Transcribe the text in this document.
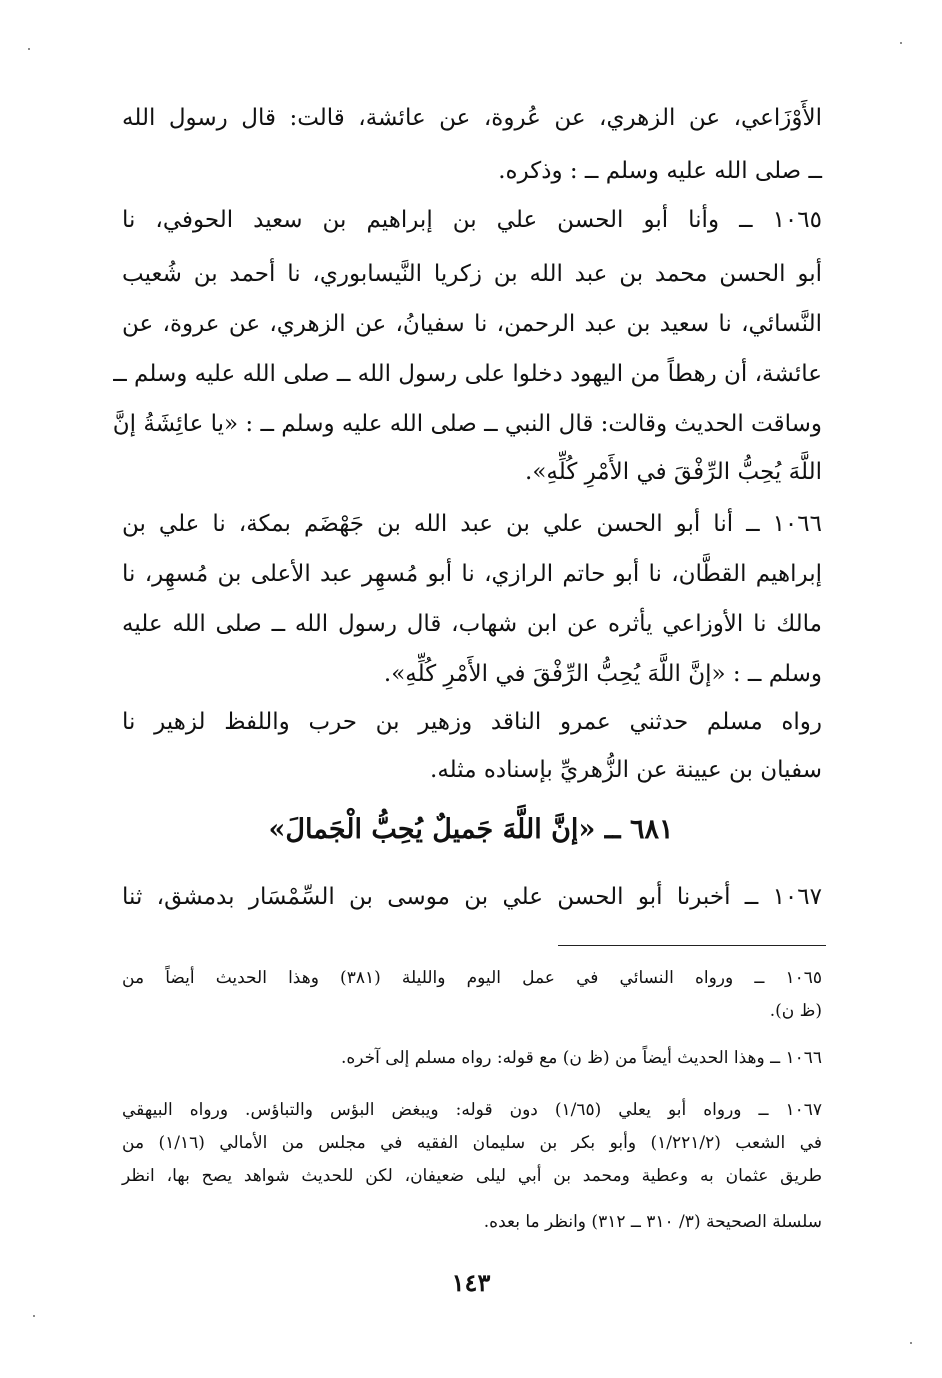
الأَوْزَاعي، عن الزهري، عن عُروة، عن عائشة، قالت: قال رسول الله
ــ صلى الله عليه وسلم ــ : وذكره.
١٠٦٥ ــ وأنا أبو الحسن علي بن إبراهيم بن سعيد الحوفي، نا
أبو الحسن محمد بن عبد الله بن زكريا النَّيسابوري، نا أحمد بن شُعيب
النَّسائي، نا سعيد بن عبد الرحمن، نا سفيانُ، عن الزهري، عن عروة، عن
عائشة، أن رهطاً من اليهود دخلوا على رسول الله ــ صلى الله عليه وسلم ــ
وساقت الحديث وقالت: قال النبي ــ صلى الله عليه وسلم ــ : «يا عائِشَةُ إنَّ
اللَّهَ يُحِبُّ الرِّفْقَ في الأَمْرِ كُلِّهِ».
١٠٦٦ ــ أنا أبو الحسن علي بن عبد الله بن جَهْضَم بمكة، نا علي بن
إبراهيم القطَّان، نا أبو حاتم الرازي، نا أبو مُسهِر عبد الأعلى بن مُسهِر، نا
مالك نا الأوزاعي يأثره عن ابن شهاب، قال رسول الله ــ صلى الله عليه
وسلم ــ : «إنَّ اللَّهَ يُحِبُّ الرِّفْقَ في الأَمْرِ كُلِّهِ».
رواه مسلم حدثني عمرو الناقد وزهير بن حرب واللفظ لزهير نا
سفيان بن عيينة عن الزُّهريِّ بإسناده مثله.
٦٨١ ــ «إنَّ اللَّهَ جَميلٌ يُحِبُّ الْجَمالَ»
١٠٦٧ ــ أخبرنا أبو الحسن علي بن موسى بن السِّمْسَار بدمشق، ثنا
١٠٦٥ ــ ورواه النسائي في عمل اليوم والليلة (٣٨١) وهذا الحديث أيضاً من
(ظ ن).
١٠٦٦ ــ وهذا الحديث أيضاً من (ظ ن) مع قوله: رواه مسلم إلى آخره.
١٠٦٧ ــ ورواه أبو يعلي (١/٦٥) دون قوله: ويبغض البؤس والتباؤس. ورواه البيهقي
في الشعب (١/٢٢١/٢) وأبو بكر بن سليمان الفقيه في مجلس من الأمالي (١/١٦) من
طريق عثمان به وعطية ومحمد بن أبي ليلى ضعيفان، لكن للحديث شواهد يصح بها، انظر
سلسلة الصحيحة (٣/ ٣١٠ ــ ٣١٢) وانظر ما بعده.
١٤٣
